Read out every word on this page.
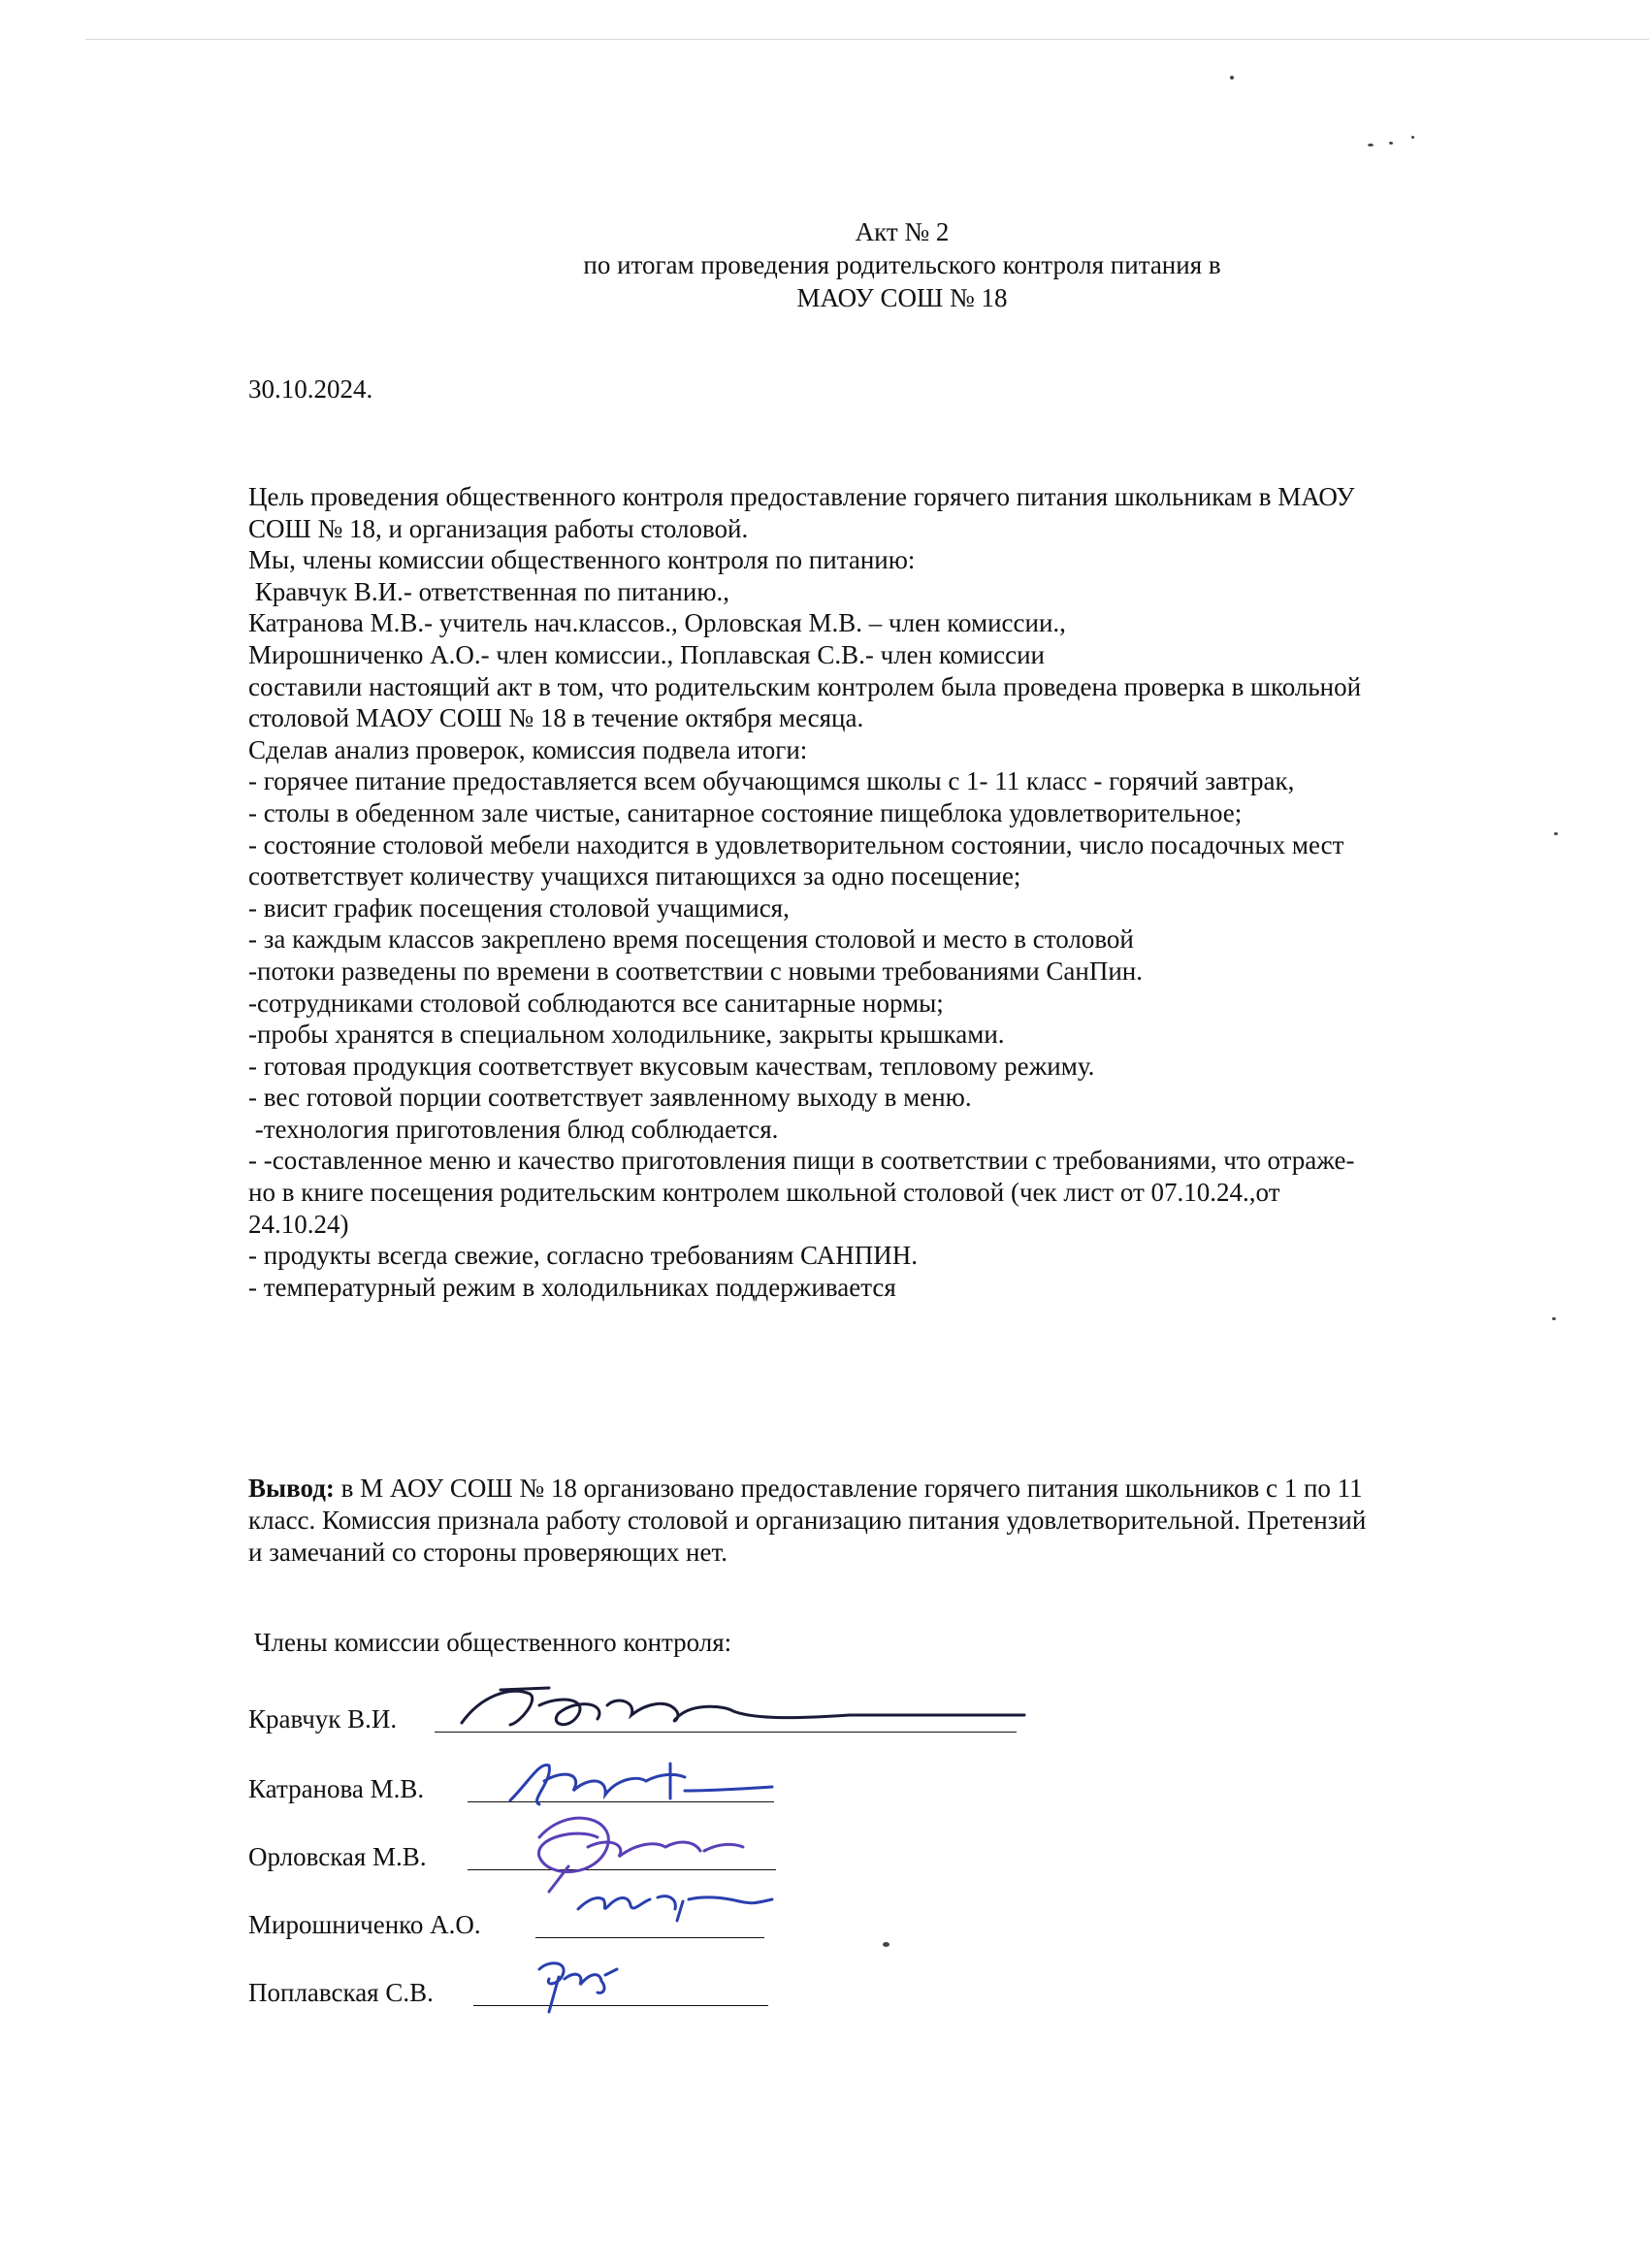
Акт № 2
по итогам проведения родительского контроля питания в
МАОУ СОШ № 18
30.10.2024.
Цель проведения общественного контроля предоставление горячего питания школьникам в МАОУ
СОШ № 18, и организация работы столовой.
Мы, члены комиссии общественного контроля по питанию:
Кравчук В.И.- ответственная по питанию.,
Катранова М.В.- учитель нач.классов., Орловская М.В. – член комиссии.,
Мирошниченко А.О.- член комиссии., Поплавская С.В.- член комиссии
составили настоящий акт в том, что родительским контролем была проведена проверка в школьной
столовой МАОУ СОШ № 18 в течение октября месяца.
Сделав анализ проверок, комиссия подвела итоги:
- горячее питание предоставляется всем обучающимся школы с 1- 11 класс - горячий завтрак,
- столы в обеденном зале чистые, санитарное состояние пищеблока удовлетворительное;
- состояние столовой мебели находится в удовлетворительном состоянии, число посадочных мест
соответствует количеству учащихся питающихся за одно посещение;
- висит график посещения столовой учащимися,
- за каждым классов закреплено время посещения столовой и место в столовой
-потоки разведены по времени в соответствии с новыми требованиями СанПин.
-сотрудниками столовой соблюдаются все санитарные нормы;
-пробы хранятся в специальном холодильнике, закрыты крышками.
- готовая продукция соответствует вкусовым качествам, тепловому режиму.
- вес готовой порции соответствует заявленному выходу в меню.
-технология приготовления блюд соблюдается.
- -составленное меню и качество приготовления пищи в соответствии с требованиями, что отраже-
но в книге посещения родительским контролем школьной столовой (чек лист от 07.10.24.,от
24.10.24)
- продукты всегда свежие, согласно требованиям САНПИН.
- температурный режим в холодильниках поддерживается
Вывод: в М АОУ СОШ № 18 организовано предоставление горячего питания школьников с 1 по 11
класс. Комиссия признала работу столовой и организацию питания удовлетворительной. Претензий
и замечаний со стороны проверяющих нет.
Члены комиссии общественного контроля:
Кравчук В.И.
Катранова М.В.
Орловская М.В.
Мирошниченко А.О.
Поплавская С.В.
